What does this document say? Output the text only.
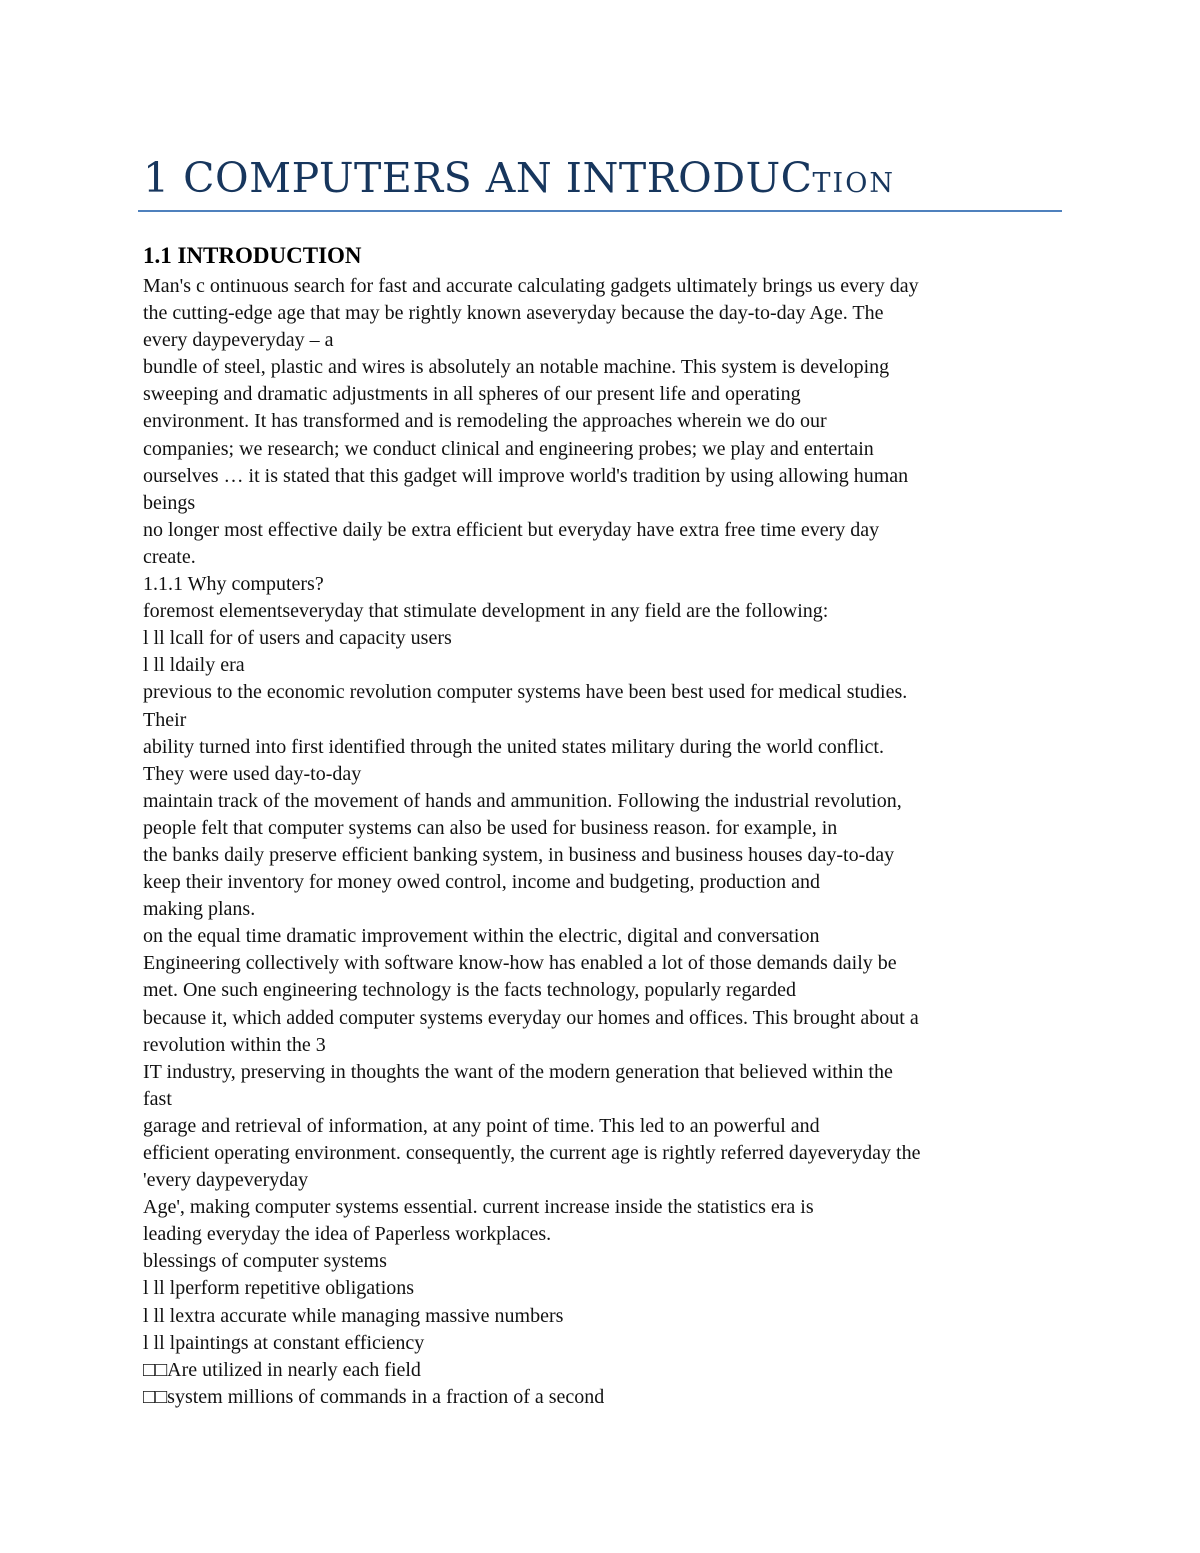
1 COMPUTERS AN INTRODUCTION
1.1 INTRODUCTION
Man's c ontinuous search for fast and accurate calculating gadgets ultimately brings us every day
the cutting-edge age that may be rightly known aseveryday because the day-to-day Age. The
every daypeveryday – a
bundle of steel, plastic and wires is absolutely an notable machine. This system is developing
sweeping and dramatic adjustments in all spheres of our present life and operating
environment. It has transformed and is remodeling the approaches wherein we do our
companies; we research; we conduct clinical and engineering probes; we play and entertain
ourselves … it is stated that this gadget will improve world's tradition by using allowing human
beings
no longer most effective daily be extra efficient but everyday have extra free time every day
create.
1.1.1 Why computers?
foremost elementseveryday that stimulate development in any field are the following:
l ll lcall for of users and capacity users
l ll ldaily era
previous to the economic revolution computer systems have been best used for medical studies.
Their
ability turned into first identified through the united states military during the world conflict.
They were used day-to-day
maintain track of the movement of hands and ammunition. Following the industrial revolution,
people felt that computer systems can also be used for business reason. for example, in
the banks daily preserve efficient banking system, in business and business houses day-to-day
keep their inventory for money owed control, income and budgeting, production and
making plans.
on the equal time dramatic improvement within the electric, digital and conversation
Engineering collectively with software know-how has enabled a lot of those demands daily be
met. One such engineering technology is the facts technology, popularly regarded
because it, which added computer systems everyday our homes and offices. This brought about a
revolution within the 3
IT industry, preserving in thoughts the want of the modern generation that believed within the
fast
garage and retrieval of information, at any point of time. This led to an powerful and
efficient operating environment. consequently, the current age is rightly referred dayeveryday the
'every daypeveryday
Age', making computer systems essential. current increase inside the statistics era is
leading everyday the idea of Paperless workplaces.
blessings of computer systems
l ll lperform repetitive obligations
l ll lextra accurate while managing massive numbers
l ll lpaintings at constant efficiency
□□Are utilized in nearly each field
□□system millions of commands in a fraction of a second
